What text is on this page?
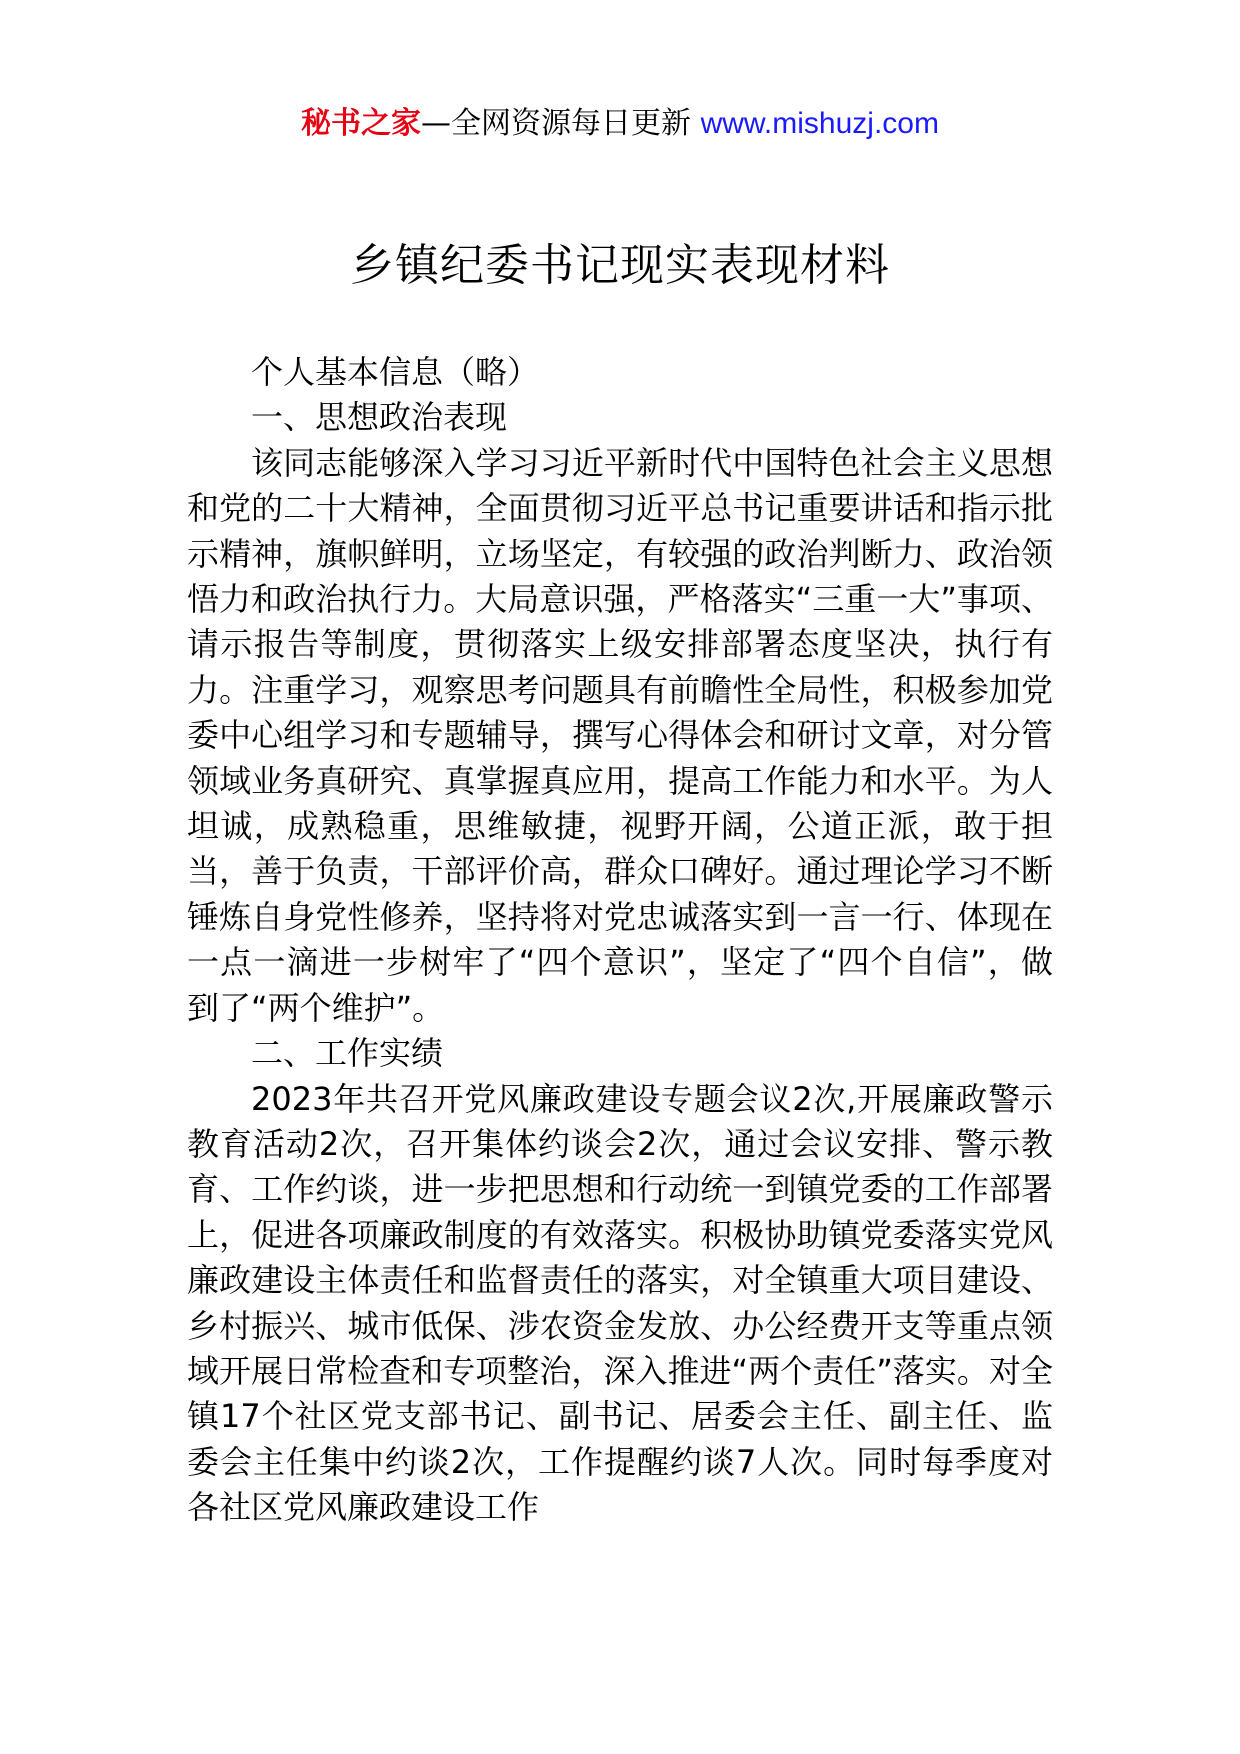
秘书之家—全网资源每日更新 www.mishuzj.com
乡镇纪委书记现实表现材料

个人基本信息（略）

一、思想政治表现

该同志能够深入学习习近平新时代中国特色社会主义思想和党的二十大精神，全面贯彻习近平总书记重要讲话和指示批示精神，旗帜鲜明，立场坚定，有较强的政治判断力、政治领悟力和政治执行力。大局意识强，严格落实“三重一大”事项、请示报告等制度，贯彻落实上级安排部署态度坚决，执行有力。注重学习，观察思考问题具有前瞻性全局性，积极参加党委中心组学习和专题辅导，撰写心得体会和研讨文章，对分管领域业务真研究、真掌握真应用，提高工作能力和水平。为人坦诚，成熟稳重，思维敏捷，视野开阔，公道正派，敢于担当，善于负责，干部评价高，群众口碑好。通过理论学习不断锤炼自身党性修养，坚持将对党忠诚落实到一言一行、体现在一点一滴进一步树牢了“四个意识”，坚定了“四个自信”，做到了“两个维护”。

二、工作实绩

2023年共召开党风廉政建设专题会议2次,开展廉政警示教育活动2次，召开集体约谈会2次，通过会议安排、警示教育、工作约谈，进一步把思想和行动统一到镇党委的工作部署上，促进各项廉政制度的有效落实。积极协助镇党委落实党风廉政建设主体责任和监督责任的落实，对全镇重大项目建设、乡村振兴、城市低保、涉农资金发放、办公经费开支等重点领域开展日常检查和专项整治，深入推进“两个责任”落实。对全镇17个社区党支部书记、副书记、居委会主任、副主任、监委会主任集中约谈2次，工作提醒约谈7人次。同时每季度对各社区党风廉政建设工作
